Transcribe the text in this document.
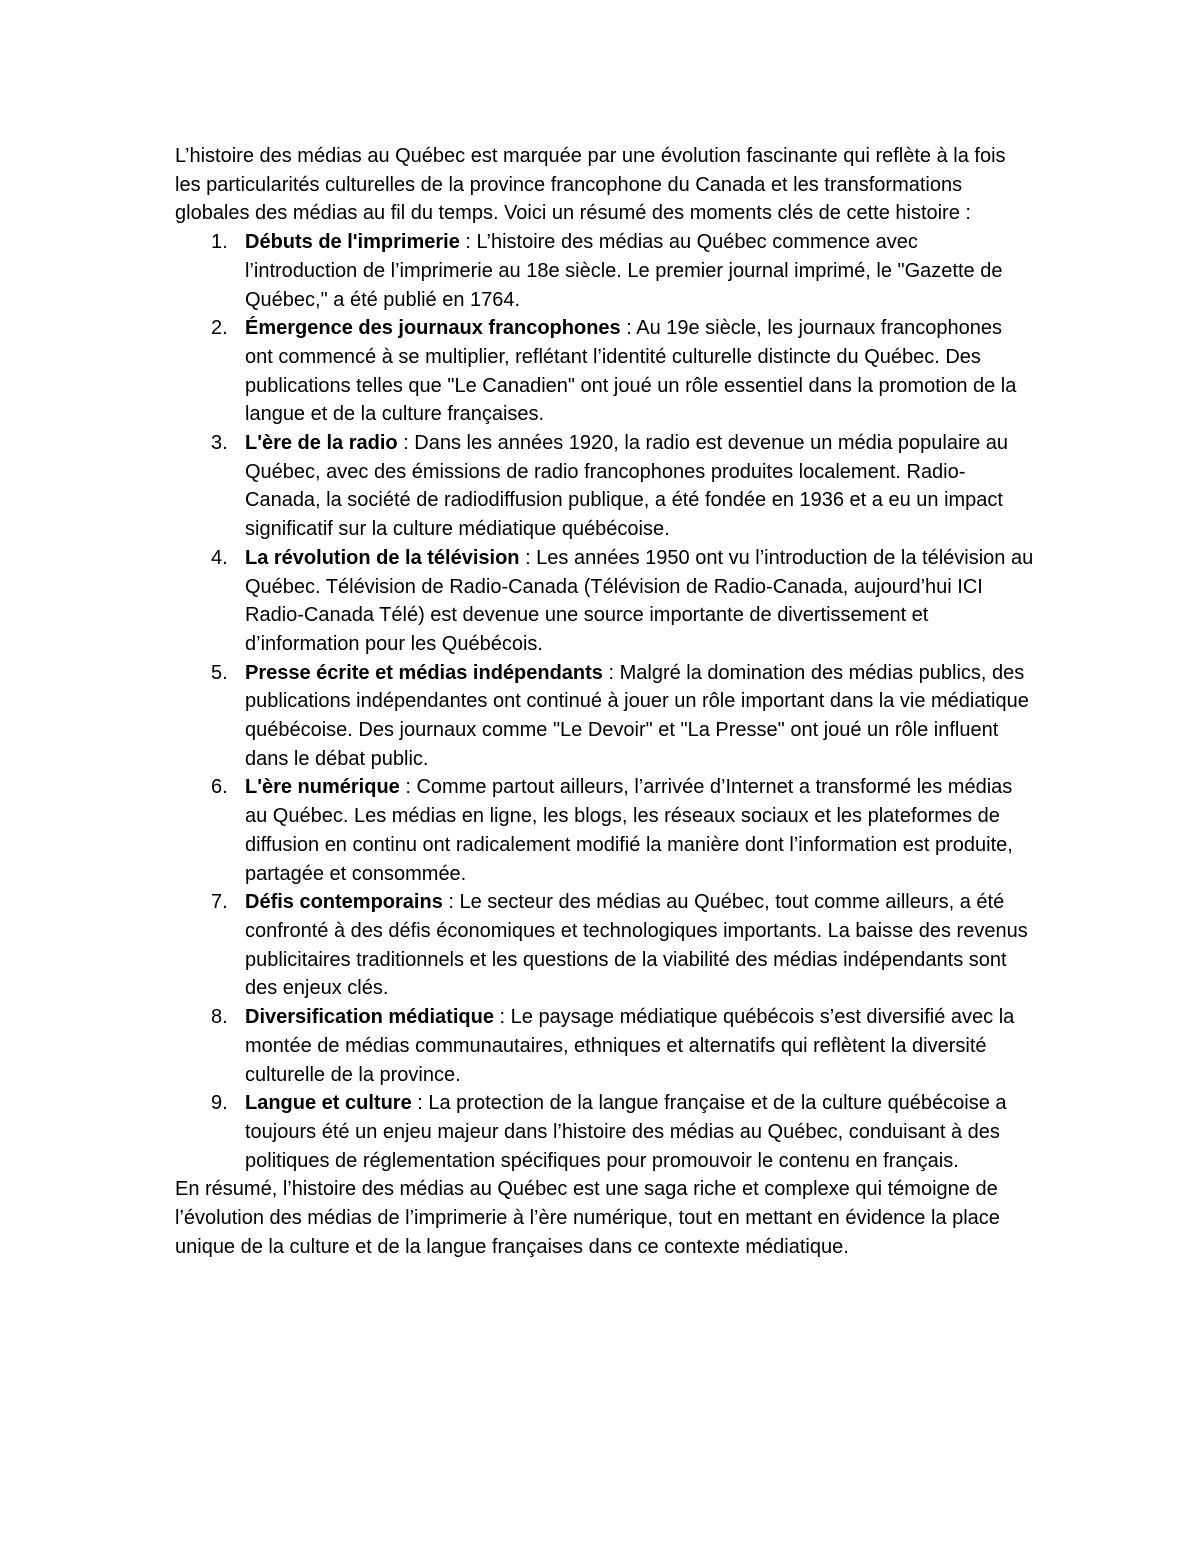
L’histoire des médias au Québec est marquée par une évolution fascinante qui reflète à la fois les particularités culturelles de la province francophone du Canada et les transformations globales des médias au fil du temps. Voici un résumé des moments clés de cette histoire :

1. Débuts de l'imprimerie : L’histoire des médias au Québec commence avec l’introduction de l’imprimerie au 18e siècle. Le premier journal imprimé, le "Gazette de Québec," a été publié en 1764.
2. Émergence des journaux francophones : Au 19e siècle, les journaux francophones ont commencé à se multiplier, reflétant l’identité culturelle distincte du Québec. Des publications telles que "Le Canadien" ont joué un rôle essentiel dans la promotion de la langue et de la culture françaises.
3. L'ère de la radio : Dans les années 1920, la radio est devenue un média populaire au Québec, avec des émissions de radio francophones produites localement. Radio-Canada, la société de radiodiffusion publique, a été fondée en 1936 et a eu un impact significatif sur la culture médiatique québécoise.
4. La révolution de la télévision : Les années 1950 ont vu l’introduction de la télévision au Québec. Télévision de Radio-Canada (Télévision de Radio-Canada, aujourd’hui ICI Radio-Canada Télé) est devenue une source importante de divertissement et d’information pour les Québécois.
5. Presse écrite et médias indépendants : Malgré la domination des médias publics, des publications indépendantes ont continué à jouer un rôle important dans la vie médiatique québécoise. Des journaux comme "Le Devoir" et "La Presse" ont joué un rôle influent dans le débat public.
6. L'ère numérique : Comme partout ailleurs, l’arrivée d’Internet a transformé les médias au Québec. Les médias en ligne, les blogs, les réseaux sociaux et les plateformes de diffusion en continu ont radicalement modifié la manière dont l’information est produite, partagée et consommée.
7. Défis contemporains : Le secteur des médias au Québec, tout comme ailleurs, a été confronté à des défis économiques et technologiques importants. La baisse des revenus publicitaires traditionnels et les questions de la viabilité des médias indépendants sont des enjeux clés.
8. Diversification médiatique : Le paysage médiatique québécois s’est diversifié avec la montée de médias communautaires, ethniques et alternatifs qui reflètent la diversité culturelle de la province.
9. Langue et culture : La protection de la langue française et de la culture québécoise a toujours été un enjeu majeur dans l’histoire des médias au Québec, conduisant à des politiques de réglementation spécifiques pour promouvoir le contenu en français.

En résumé, l’histoire des médias au Québec est une saga riche et complexe qui témoigne de l’évolution des médias de l’imprimerie à l’ère numérique, tout en mettant en évidence la place unique de la culture et de la langue françaises dans ce contexte médiatique.
